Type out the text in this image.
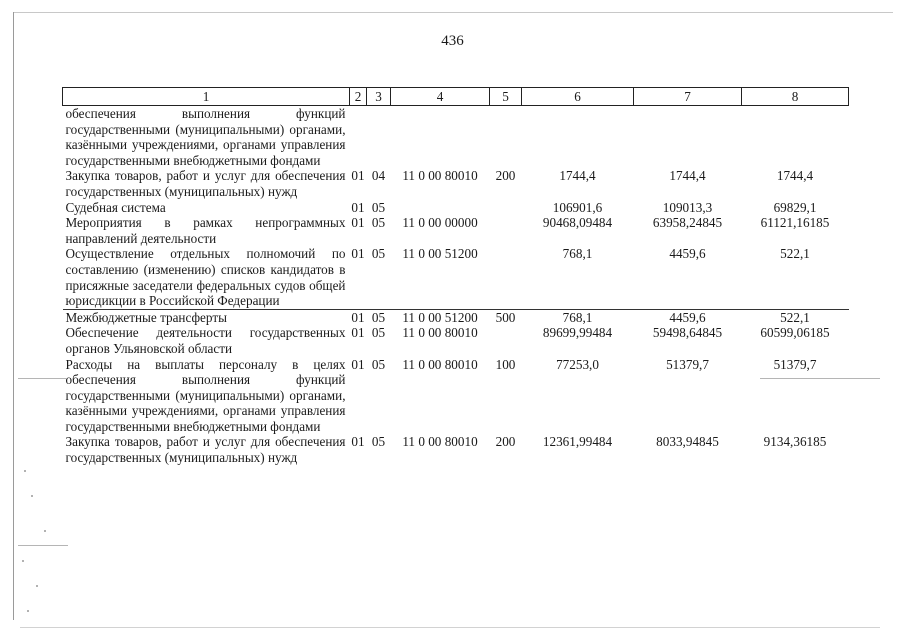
436
1	2	3	4	5	6	7	8
обеспечения выполнения функций государственными (муниципальными) органами, казёнными учреждениями, органами управления государственными внебюджетными фондами							
Закупка товаров, работ и услуг для обеспечения государственных (муниципальных) нужд	01	04	11 0 00 80010	200	1744,4	1744,4	1744,4
Судебная система	01	05			106901,6	109013,3	69829,1
Мероприятия в рамках непрограммных направлений деятельности	01	05	11 0 00 00000		90468,09484	63958,24845	61121,16185
Осуществление отдельных полномочий по составлению (изменению) списков кандидатов в присяжные заседатели федеральных судов общей юрисдикции в Российской Федерации	01	05	11 0 00 51200		768,1	4459,6	522,1
Межбюджетные трансферты	01	05	11 0 00 51200	500	768,1	4459,6	522,1
Обеспечение деятельности государственных органов Ульяновской области	01	05	11 0 00 80010		89699,99484	59498,64845	60599,06185
Расходы на выплаты персоналу в целях обеспечения выполнения функций государственными (муниципальными) органами, казёнными учреждениями, органами управления государственными внебюджетными фондами	01	05	11 0 00 80010	100	77253,0	51379,7	51379,7
Закупка товаров, работ и услуг для обеспечения государственных (муниципальных) нужд	01	05	11 0 00 80010	200	12361,99484	8033,94845	9134,36185
